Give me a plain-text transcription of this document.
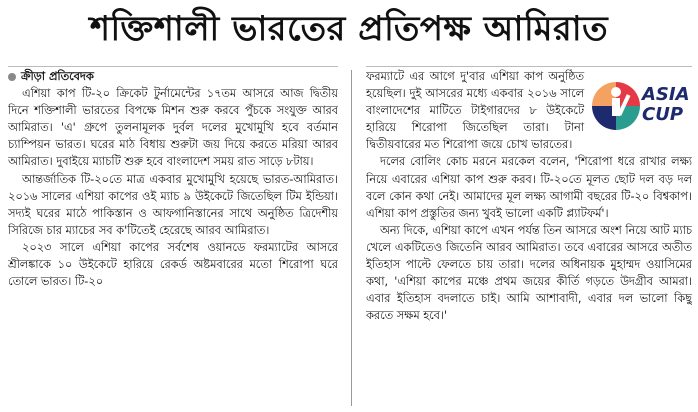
শক্তিশালী ভারতের প্রতিপক্ষ আমিরাত
ক্রীড়া প্রতিবেদক

এশিয়া কাপ টি-২০ ক্রিকেট টুর্নামেন্টের ১৭তম আসরে আজ দ্বিতীয় দিনে শক্তিশালী ভারতের বিপক্ষে মিশন শুরু করবে পুঁচকে সংযুক্ত আরব আমিরাত। 'এ' গ্রুপে তুলনামূলক দুর্বল দলের মুখোমুখি হবে বর্তমান চ্যাম্পিয়ন ভারত। ঘরের মাঠ বিধায় শুরুটা জয় দিয়ে করতে মরিয়া আরব আমিরাত। দুবাইয়ে ম্যাচটি শুরু হবে বাংলাদেশ সময় রাত সাড়ে ৮টায়।

আন্তর্জাতিক টি-২০তে মাত্র একবার মুখোমুখি হয়েছে ভারত-আমিরাত। ২০১৬ সালের এশিয়া কাপের ওই ম্যাচ ৯ উইকেটে জিতেছিল টিম ইন্ডিয়া। সদ্যই ঘরের মাঠে পাকিস্তান ও আফগানিস্তানের সাথে অনুষ্ঠিত ত্রিদেশীয় সিরিজে চার ম্যাচের সব ক'টিতেই হেরেছে আরব আমিরাত।

২০২৩ সালে এশিয়া কাপের সর্বশেষ ওয়ানডে ফরম্যাটের আসরে শ্রীলঙ্কাকে ১০ উইকেটে হারিয়ে রেকর্ড অষ্টমবারের মতো শিরোপা ঘরে তোলে ভারত। টি-২০

ASIA
CUP
ফরম্যাটে এর আগে দু'বার এশিয়া কাপ অনুষ্ঠিত হয়েছিল। দুই আসরের মধ্যে একবার ২০১৬ সালে বাংলাদেশের মাটিতে টাইগারদের ৮ উইকেটে হারিয়ে শিরোপা জিতেছিল তারা। টানা দ্বিতীয়বারের মত শিরোপা জয়ে চোখ ভারতের।

দলের বোলিং কোচ মরনে মরকেল বলেন, 'শিরোপা ধরে রাখার লক্ষ্য নিয়ে এবারের এশিয়া কাপ শুরু করব। টি-২০তে মূলত ছোট দল বড় দল বলে কোন কথা নেই। আমাদের মূল লক্ষ্য আগামী বছরের টি-২০ বিশ্বকাপ। এশিয়া কাপ প্রস্তুতির জন্য খুবই ভালো একটি প্ল্যাটফর্ম'।

অন্য দিকে, এশিয়া কাপে এখন পর্যন্ত তিন আসরে অংশ নিয়ে আট ম্যাচ খেলে একটিতেও জিতেনি আরব আমিরাত। তবে এবারের আসরে অতীত ইতিহাস পাল্টে ফেলতে চায় তারা। দলের অধিনায়ক মুহাম্মদ ওয়াসিমের কথা, 'এশিয়া কাপের মঞ্চে প্রথম জয়ের কীর্তি গড়তে উদগ্রীব আমরা। এবার ইতিহাস বদলাতে চাই। আমি আশাবাদী, এবার দল ভালো কিছু করতে সক্ষম হবে।'
